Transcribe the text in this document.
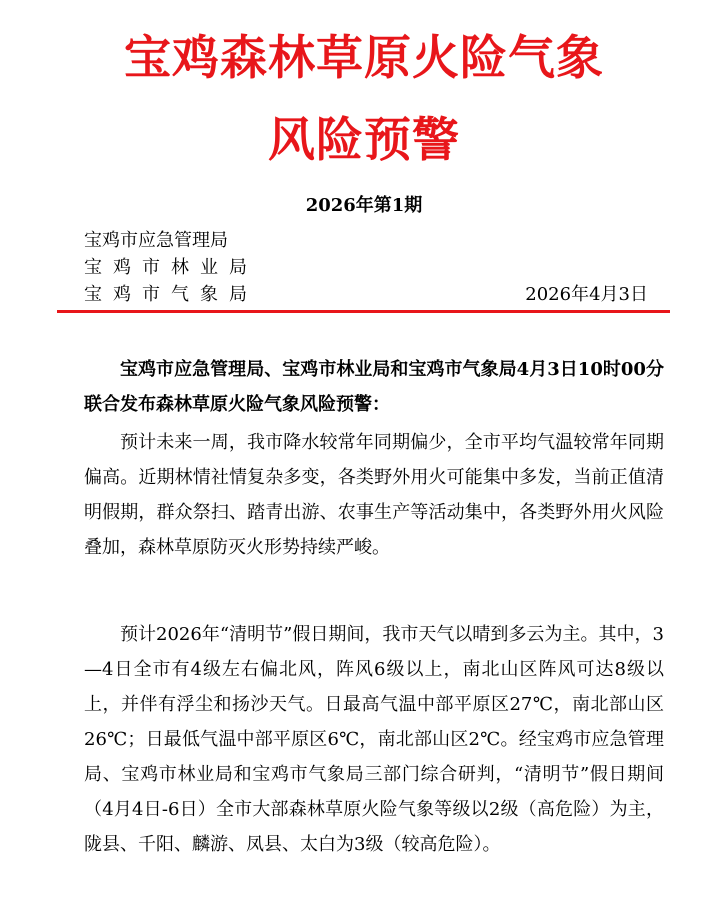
宝鸡森林草原火险气象
风险预警
2026年第1期
宝鸡市应急管理局
宝鸡市林业局
宝鸡市气象局	2026年4月3日
宝鸡市应急管理局、宝鸡市林业局和宝鸡市气象局4月3日10时00分联合发布森林草原火险气象风险预警：
预计未来一周，我市降水较常年同期偏少，全市平均气温较常年同期偏高。近期林情社情复杂多变，各类野外用火可能集中多发，当前正值清明假期，群众祭扫、踏青出游、农事生产等活动集中，各类野外用火风险叠加，森林草原防灭火形势持续严峻。
预计2026年“清明节”假日期间，我市天气以晴到多云为主。其中，3—4日全市有4级左右偏北风，阵风6级以上，南北山区阵风可达8级以上，并伴有浮尘和扬沙天气。日最高气温中部平原区27℃，南北部山区26℃；日最低气温中部平原区6℃，南北部山区2℃。经宝鸡市应急管理局、宝鸡市林业局和宝鸡市气象局三部门综合研判，“清明节”假日期间（4月4日-6日）全市大部森林草原火险气象等级以2级（高危险）为主，陇县、千阳、麟游、凤县、太白为3级（较高危险）。
